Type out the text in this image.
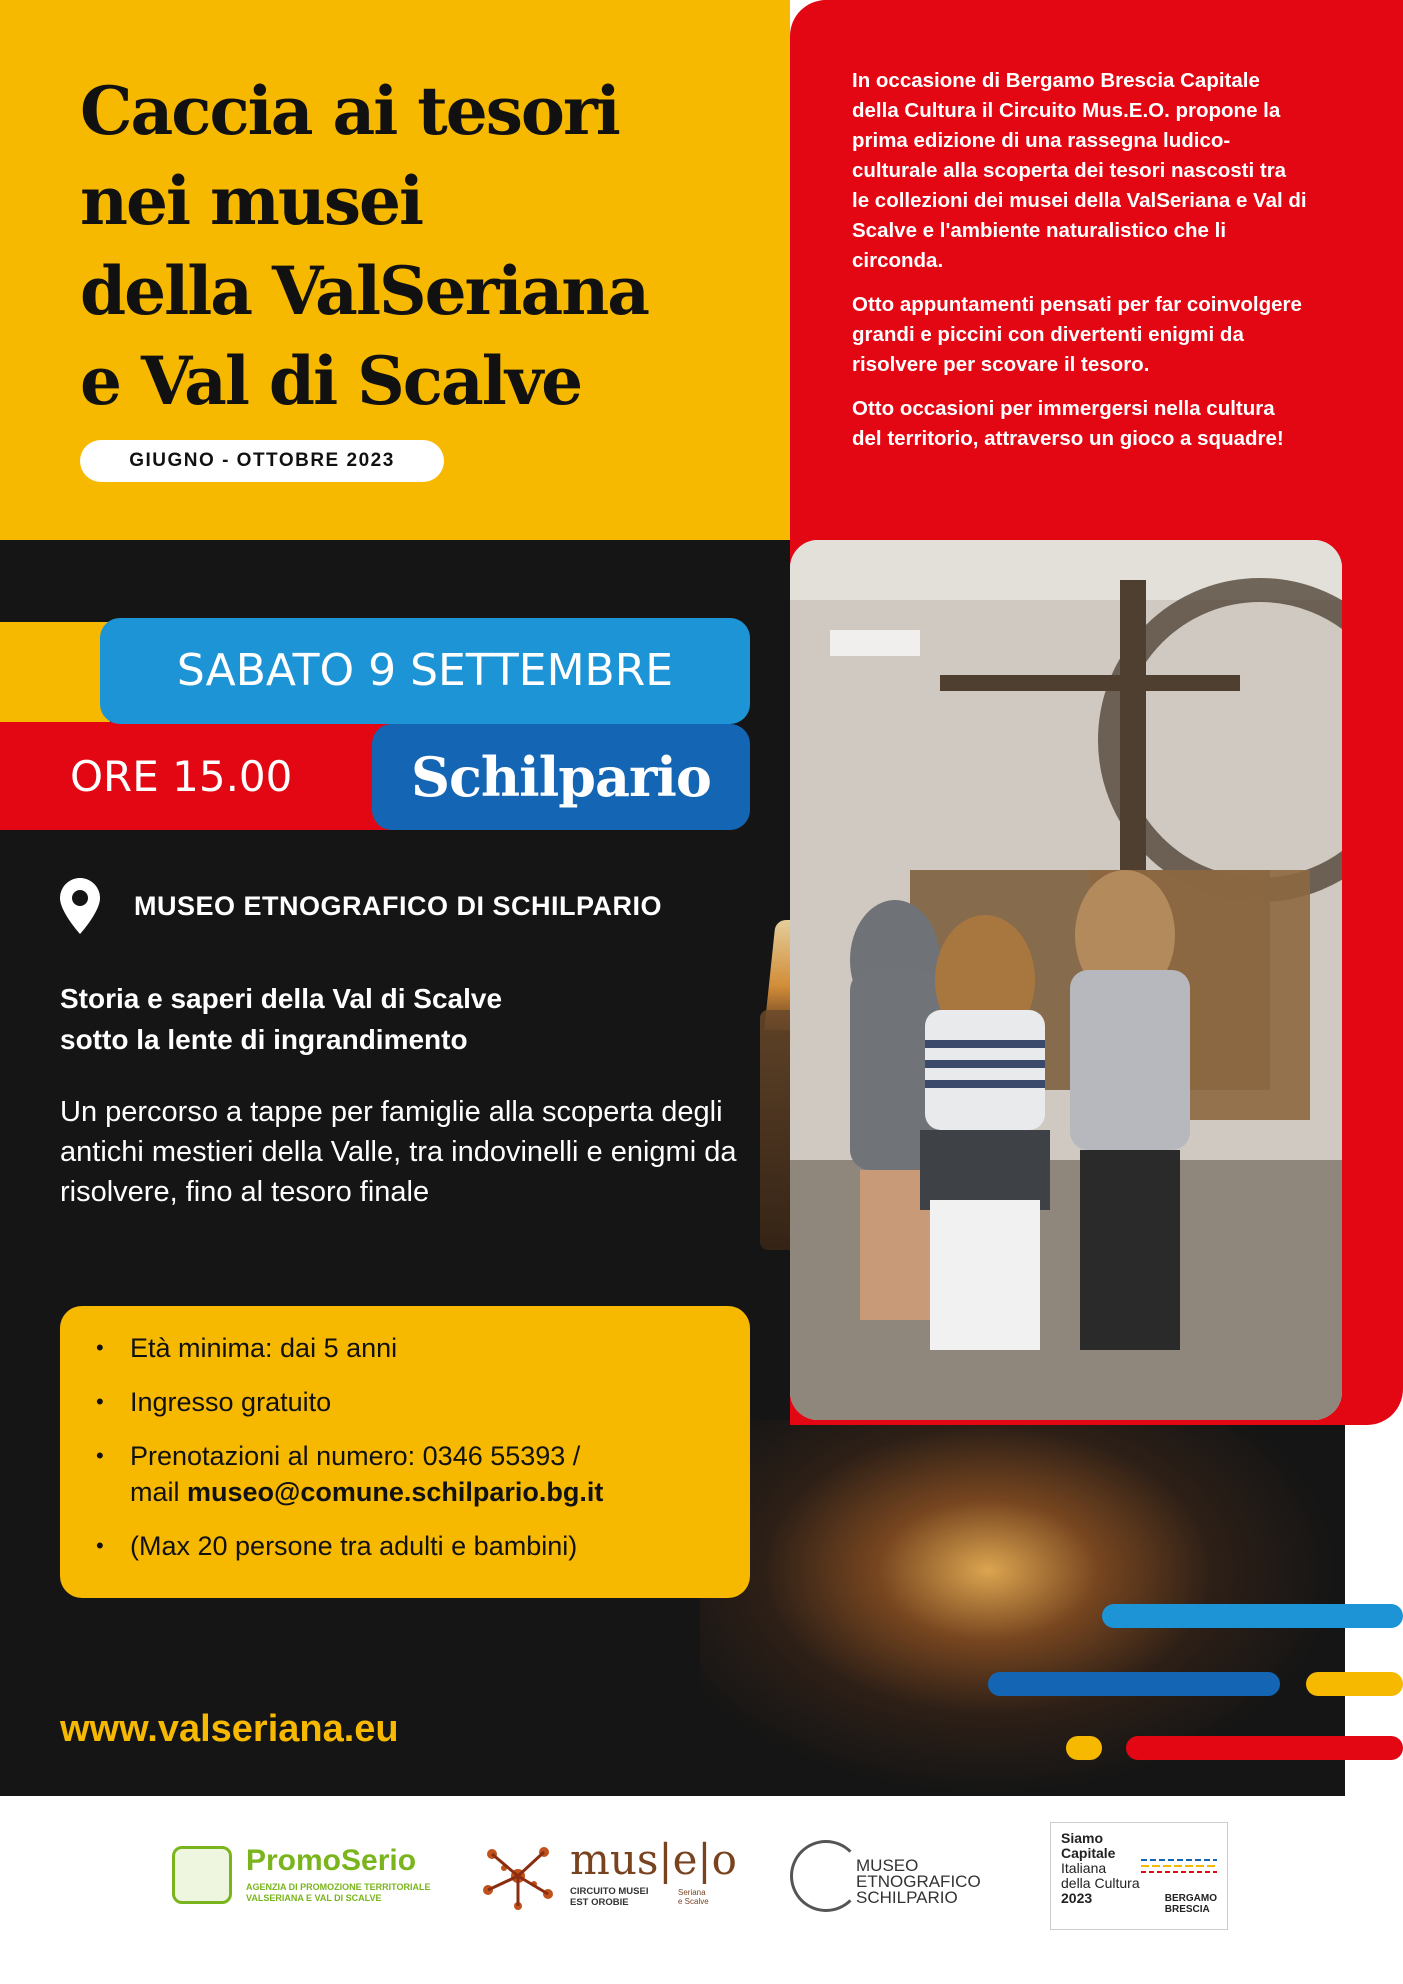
Caccia ai tesori
nei musei
della ValSeriana
e Val di Scalve
GIUGNO - OTTOBRE 2023

In occasione di Bergamo Brescia Capitale della Cultura il Circuito Mus.E.O. propone la prima edizione di una rassegna ludico-culturale alla scoperta dei tesori nascosti tra le collezioni dei musei della ValSeriana e Val di Scalve e l'ambiente naturalistico che li circonda.

Otto appuntamenti pensati per far coinvolgere grandi e piccini con divertenti enigmi da risolvere per scovare il tesoro.

Otto occasioni per immergersi nella cultura del territorio, attraverso un gioco a squadre!

SABATO 9 SETTEMBRE
ORE 15.00	Schilpario
MUSEO ETNOGRAFICO DI SCHILPARIO
Storia e saperi della Val di Scalve
sotto la lente di ingrandimento
Un percorso a tappe per famiglie alla scoperta degli antichi mestieri della Valle, tra indovinelli e enigmi da risolvere, fino al tesoro finale
• Età minima: dai 5 anni
• Ingresso gratuito
• Prenotazioni al numero: 0346 55393 /
mail museo@comune.schilpario.bg.it
• (Max 20 persone tra adulti e bambini)
www.valseriana.eu
PromoSerio
AGENZIA DI PROMOZIONE TERRITORIALE
VALSERIANA E VAL DI SCALVE
mus|e|o
CIRCUITO MUSEI
EST OROBIE
Seriana
e Scalve
MUSEO
ETNOGRAFICO
SCHILPARIO
Siamo
Capitale
Italiana
della Cultura
2023	BERGAMO
BRESCIA
